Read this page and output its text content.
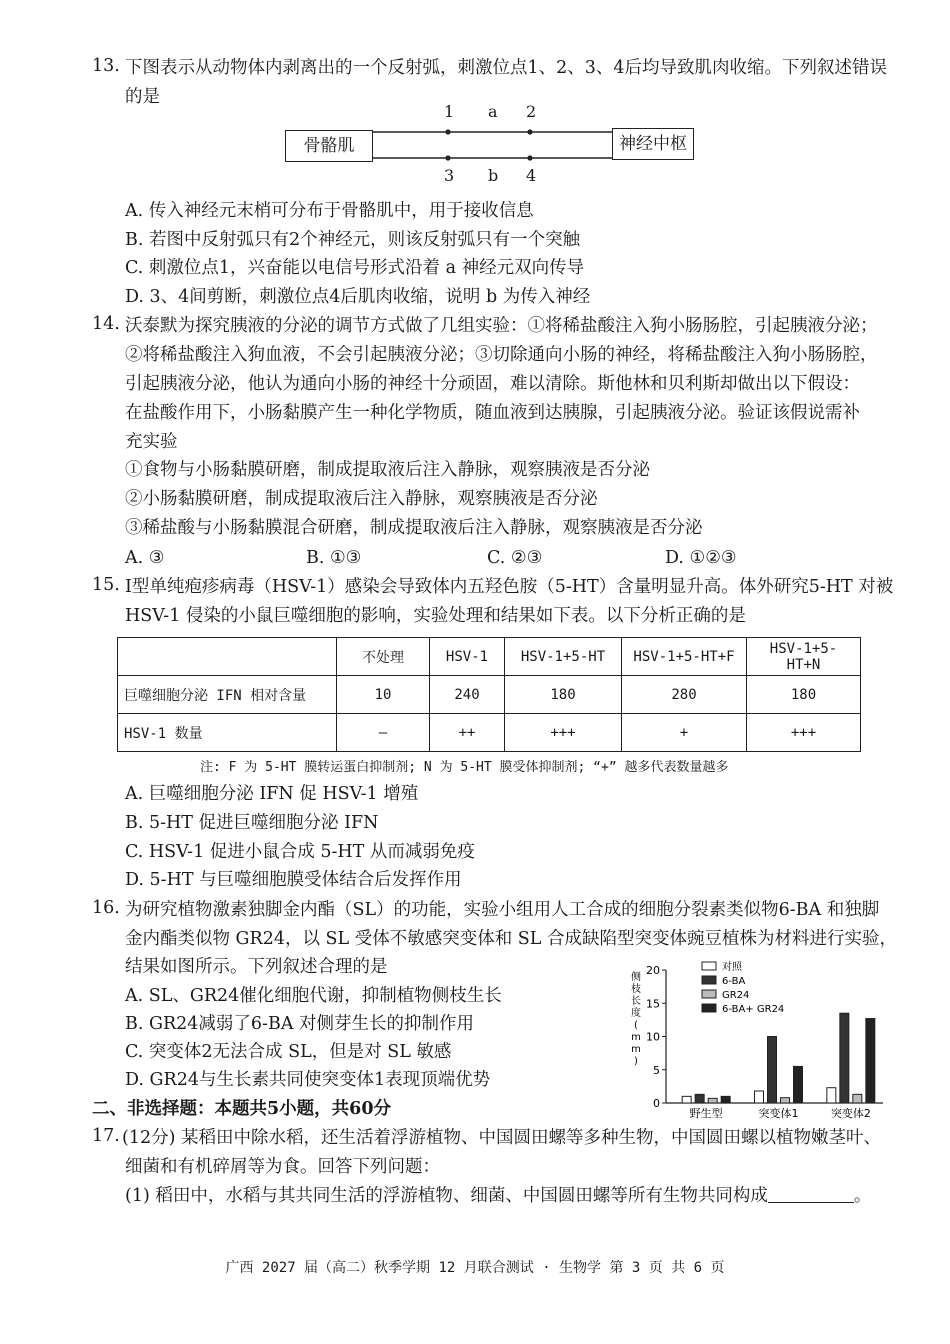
13. 下图表示从动物体内剥离出的一个反射弧，刺激位点1、2、3、4后均导致肌肉收缩。下列叙述错误
的是
骨骼肌	神经中枢
1 a 2
3 b 4
A. 传入神经元末梢可分布于骨骼肌中，用于接收信息
B. 若图中反射弧只有2个神经元，则该反射弧只有一个突触
C. 刺激位点1，兴奋能以电信号形式沿着 a 神经元双向传导
D. 3、4间剪断，刺激位点4后肌肉收缩，说明 b 为传入神经
14. 沃泰默为探究胰液的分泌的调节方式做了几组实验：①将稀盐酸注入狗小肠肠腔，引起胰液分泌；
②将稀盐酸注入狗血液，不会引起胰液分泌；③切除通向小肠的神经，将稀盐酸注入狗小肠肠腔，
引起胰液分泌，他认为通向小肠的神经十分顽固，难以清除。斯他林和贝利斯却做出以下假设：
在盐酸作用下，小肠黏膜产生一种化学物质，随血液到达胰腺，引起胰液分泌。验证该假说需补
充实验
①食物与小肠黏膜研磨，制成提取液后注入静脉，观察胰液是否分泌
②小肠黏膜研磨，制成提取液后注入静脉，观察胰液是否分泌
③稀盐酸与小肠黏膜混合研磨，制成提取液后注入静脉，观察胰液是否分泌
A. ③	B. ①③	C. ②③	D. ①②③
15. Ⅰ型单纯疱疹病毒（HSV-1）感染会导致体内五羟色胺（5-HT）含量明显升高。体外研究5-HT 对被
HSV-1 侵染的小鼠巨噬细胞的影响，实验处理和结果如下表。以下分析正确的是
	不处理	HSV-1	HSV-1+5-HT	HSV-1+5-HT+F	HSV-1+5-HT+N
巨噬细胞分泌 IFN 相对含量	10	240	180	280	180
HSV-1 数量	–	++	+++	+	+++
注: F 为 5-HT 膜转运蛋白抑制剂; N 为 5-HT 膜受体抑制剂; “+” 越多代表数量越多
A. 巨噬细胞分泌 IFN 促 HSV-1 增殖
B. 5-HT 促进巨噬细胞分泌 IFN
C. HSV-1 促进小鼠合成 5-HT 从而减弱免疫
D. 5-HT 与巨噬细胞膜受体结合后发挥作用
16. 为研究植物激素独脚金内酯（SL）的功能，实验小组用人工合成的细胞分裂素类似物6-BA 和独脚
金内酯类似物 GR24，以 SL 受体不敏感突变体和 SL 合成缺陷型突变体豌豆植株为材料进行实验，
结果如图所示。下列叙述合理的是
A. SL、GR24催化细胞代谢，抑制植物侧枝生长
B. GR24减弱了6-BA 对侧芽生长的抑制作用
C. 突变体2无法合成 SL，但是对 SL 敏感
D. GR24与生长素共同使突变体1表现顶端优势
侧
枝
长
度
(
m
m
)
0
5
10
15
20
野生型	突变体1	突变体2
对照
6-BA
GR24
6-BA+ GR24
二、非选择题：本题共5小题，共60分
17. (12分) 某稻田中除水稻，还生活着浮游植物、中国圆田螺等多种生物，中国圆田螺以植物嫩茎叶、
细菌和有机碎屑等为食。回答下列问题：
(1) 稻田中，水稻与其共同生活的浮游植物、细菌、中国圆田螺等所有生物共同构成	。
广西 2027 届（高二）秋季学期 12 月联合测试 · 生物学 第 3 页 共 6 页
